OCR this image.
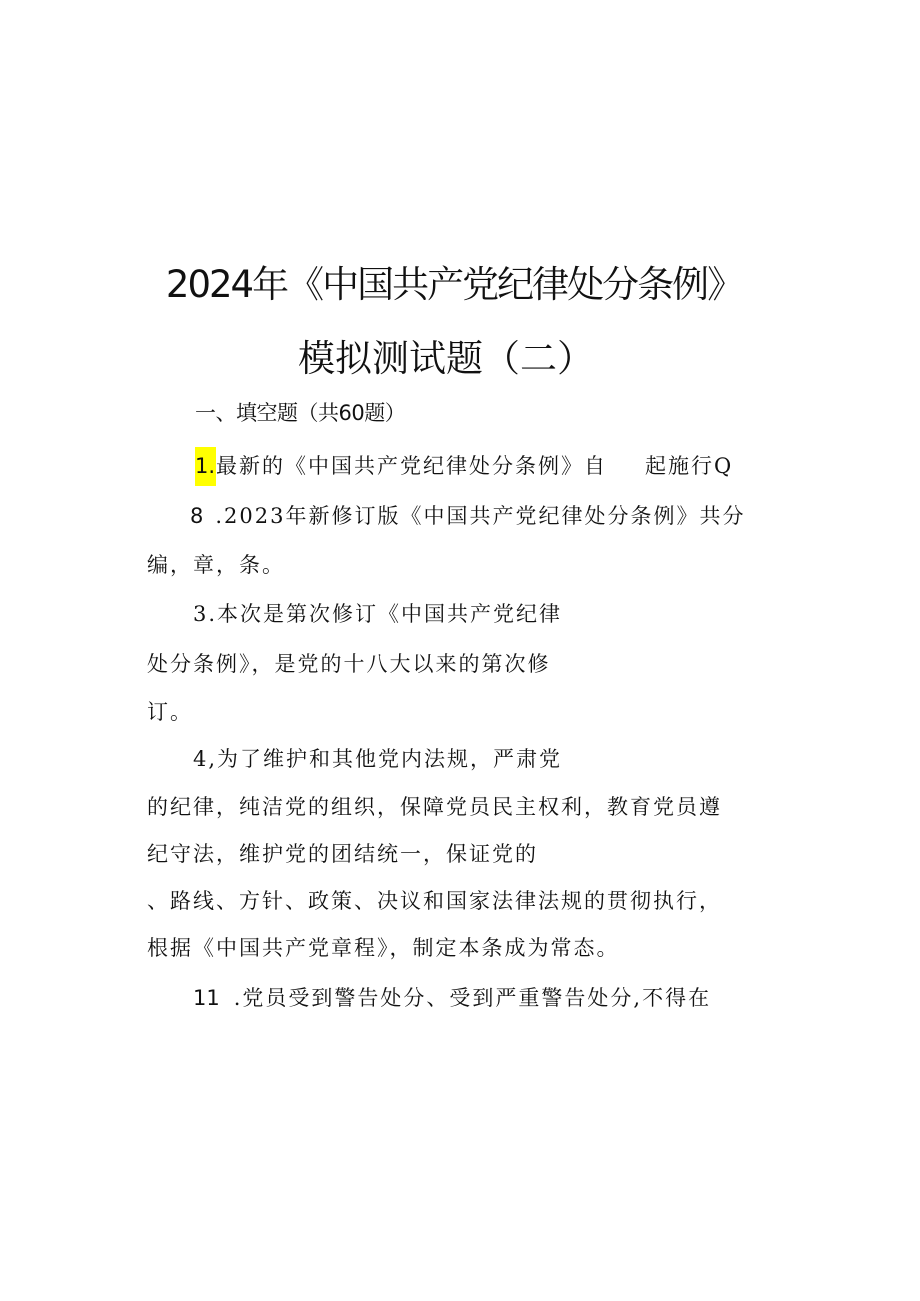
2024年《中国共产党纪律处分条例》
模拟测试题（二）
一、填空题（共60题）
1.最新的《中国共产党纪律处分条例》自 起施行Q
8 .2023年新修订版《中国共产党纪律处分条例》共分
编，章，条。
3.本次是第次修订《中国共产党纪律
处分条例》，是党的十八大以来的第次修
订。
4,为了维护和其他党内法规，严肃党
的纪律，纯洁党的组织，保障党员民主权利，教育党员遵
纪守法，维护党的团结统一，保证党的
、路线、方针、政策、决议和国家法律法规的贯彻执行，
根据《中国共产党章程》，制定本条成为常态。
11 .党员受到警告处分、受到严重警告处分,不得在
